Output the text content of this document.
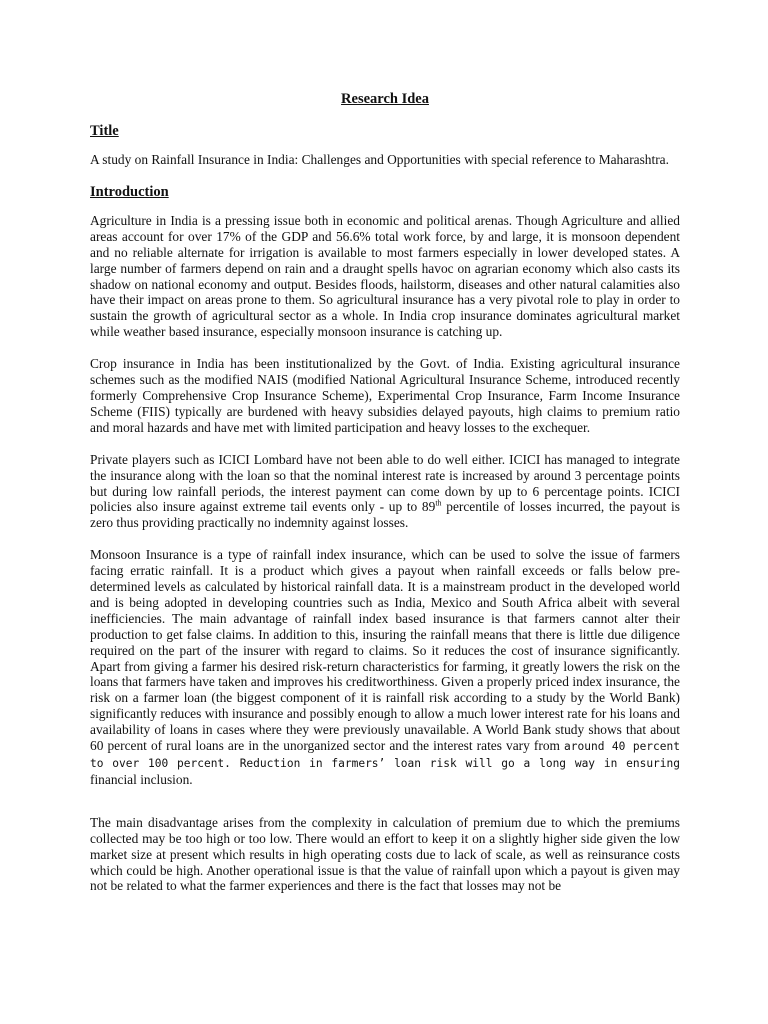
Research Idea
Title

A study on Rainfall Insurance in India: Challenges and Opportunities with special reference to Maharashtra.

Introduction

Agriculture in India is a pressing issue both in economic and political arenas. Though Agriculture and allied areas account for over 17% of the GDP and 56.6% total work force, by and large, it is monsoon dependent and no reliable alternate for irrigation is available to most farmers especially in lower developed states. A large number of farmers depend on rain and a draught spells havoc on agrarian economy which also casts its shadow on national economy and output. Besides floods, hailstorm, diseases and other natural calamities also have their impact on areas prone to them. So agricultural insurance has a very pivotal role to play in order to sustain the growth of agricultural sector as a whole. In India crop insurance dominates agricultural market while weather based insurance, especially monsoon insurance is catching up.

Crop insurance in India has been institutionalized by the Govt. of India. Existing agricultural insurance schemes such as the modified NAIS (modified National Agricultural Insurance Scheme, introduced recently formerly Comprehensive Crop Insurance Scheme), Experimental Crop Insurance, Farm Income Insurance Scheme (FIIS) typically are burdened with heavy subsidies delayed payouts, high claims to premium ratio and moral hazards and have met with limited participation and heavy losses to the exchequer.

Private players such as ICICI Lombard have not been able to do well either. ICICI has managed to integrate the insurance along with the loan so that the nominal interest rate is increased by around 3 percentage points but during low rainfall periods, the interest payment can come down by up to 6 percentage points. ICICI policies also insure against extreme tail events only - up to 89th percentile of losses incurred, the payout is zero thus providing practically no indemnity against losses.

Monsoon Insurance is a type of rainfall index insurance, which can be used to solve the issue of farmers facing erratic rainfall. It is a product which gives a payout when rainfall exceeds or falls below pre-determined levels as calculated by historical rainfall data. It is a mainstream product in the developed world and is being adopted in developing countries such as India, Mexico and South Africa albeit with several inefficiencies. The main advantage of rainfall index based insurance is that farmers cannot alter their production to get false claims. In addition to this, insuring the rainfall means that there is little due diligence required on the part of the insurer with regard to claims. So it reduces the cost of insurance significantly. Apart from giving a farmer his desired risk-return characteristics for farming, it greatly lowers the risk on the loans that farmers have taken and improves his creditworthiness. Given a properly priced index insurance, the risk on a farmer loan (the biggest component of it is rainfall risk according to a study by the World Bank) significantly reduces with insurance and possibly enough to allow a much lower interest rate for his loans and availability of loans in cases where they were previously unavailable. A World Bank study shows that about 60 percent of rural loans are in the unorganized sector and the interest rates vary from around 40 percent to over 100 percent. Reduction in farmers’ loan risk will go a long way in ensuring financial inclusion.

The main disadvantage arises from the complexity in calculation of premium due to which the premiums collected may be too high or too low. There would an effort to keep it on a slightly higher side given the low market size at present which results in high operating costs due to lack of scale, as well as reinsurance costs which could be high. Another operational issue is that the value of rainfall upon which a payout is given may not be related to what the farmer experiences and there is the fact that losses may not be
